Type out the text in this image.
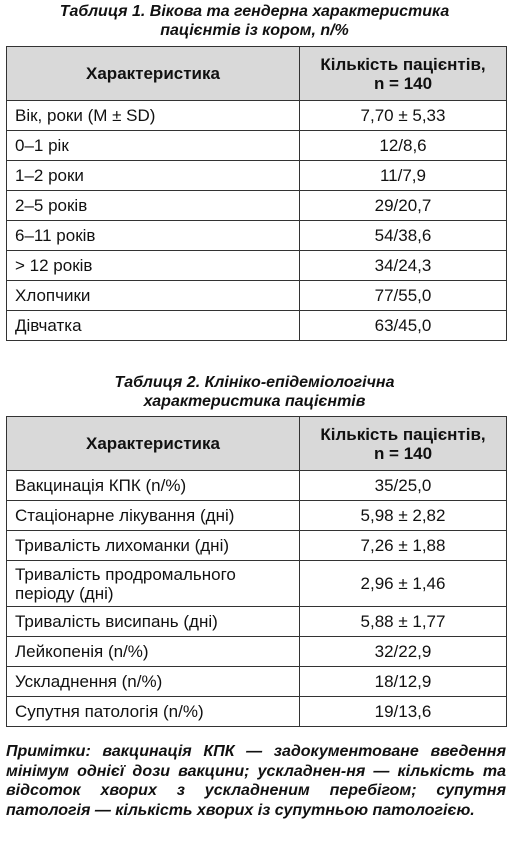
Таблиця 1. Вікова та гендерна характеристика
пацієнтів із кором, n/%
Характеристика	Кількість пацієнтів,
n = 140

Вік, роки (M ± SD)	7,70 ± 5,33
0–1 рік	12/8,6
1–2 роки	11/7,9
2–5 років	29/20,7
6–11 років	54/38,6
> 12 років	34/24,3
Хлопчики	77/55,0
Дівчатка	63/45,0
Таблиця 2. Клініко-епідеміологічна
характеристика пацієнтів
Характеристика	Кількість пацієнтів,
n = 140

Вакцинація КПК (n/%)	35/25,0
Стаціонарне лікування (дні)	5,98 ± 2,82
Тривалість лихоманки (дні)	7,26 ± 1,88

Тривалість продромального
періоду (дні)	2,96 ± 1,46
Тривалість висипань (дні)	5,88 ± 1,77
Лейкопенія (n/%)	32/22,9
Ускладнення (n/%)	18/12,9
Супутня патологія (n/%)	19/13,6
Примітки: вакцинація КПК — задокументоване введення мінімум однієї дози вакцини; ускладнен-ня — кількість та відсоток хворих з ускладненим перебігом; супутня патологія — кількість хворих із супутньою патологією.
